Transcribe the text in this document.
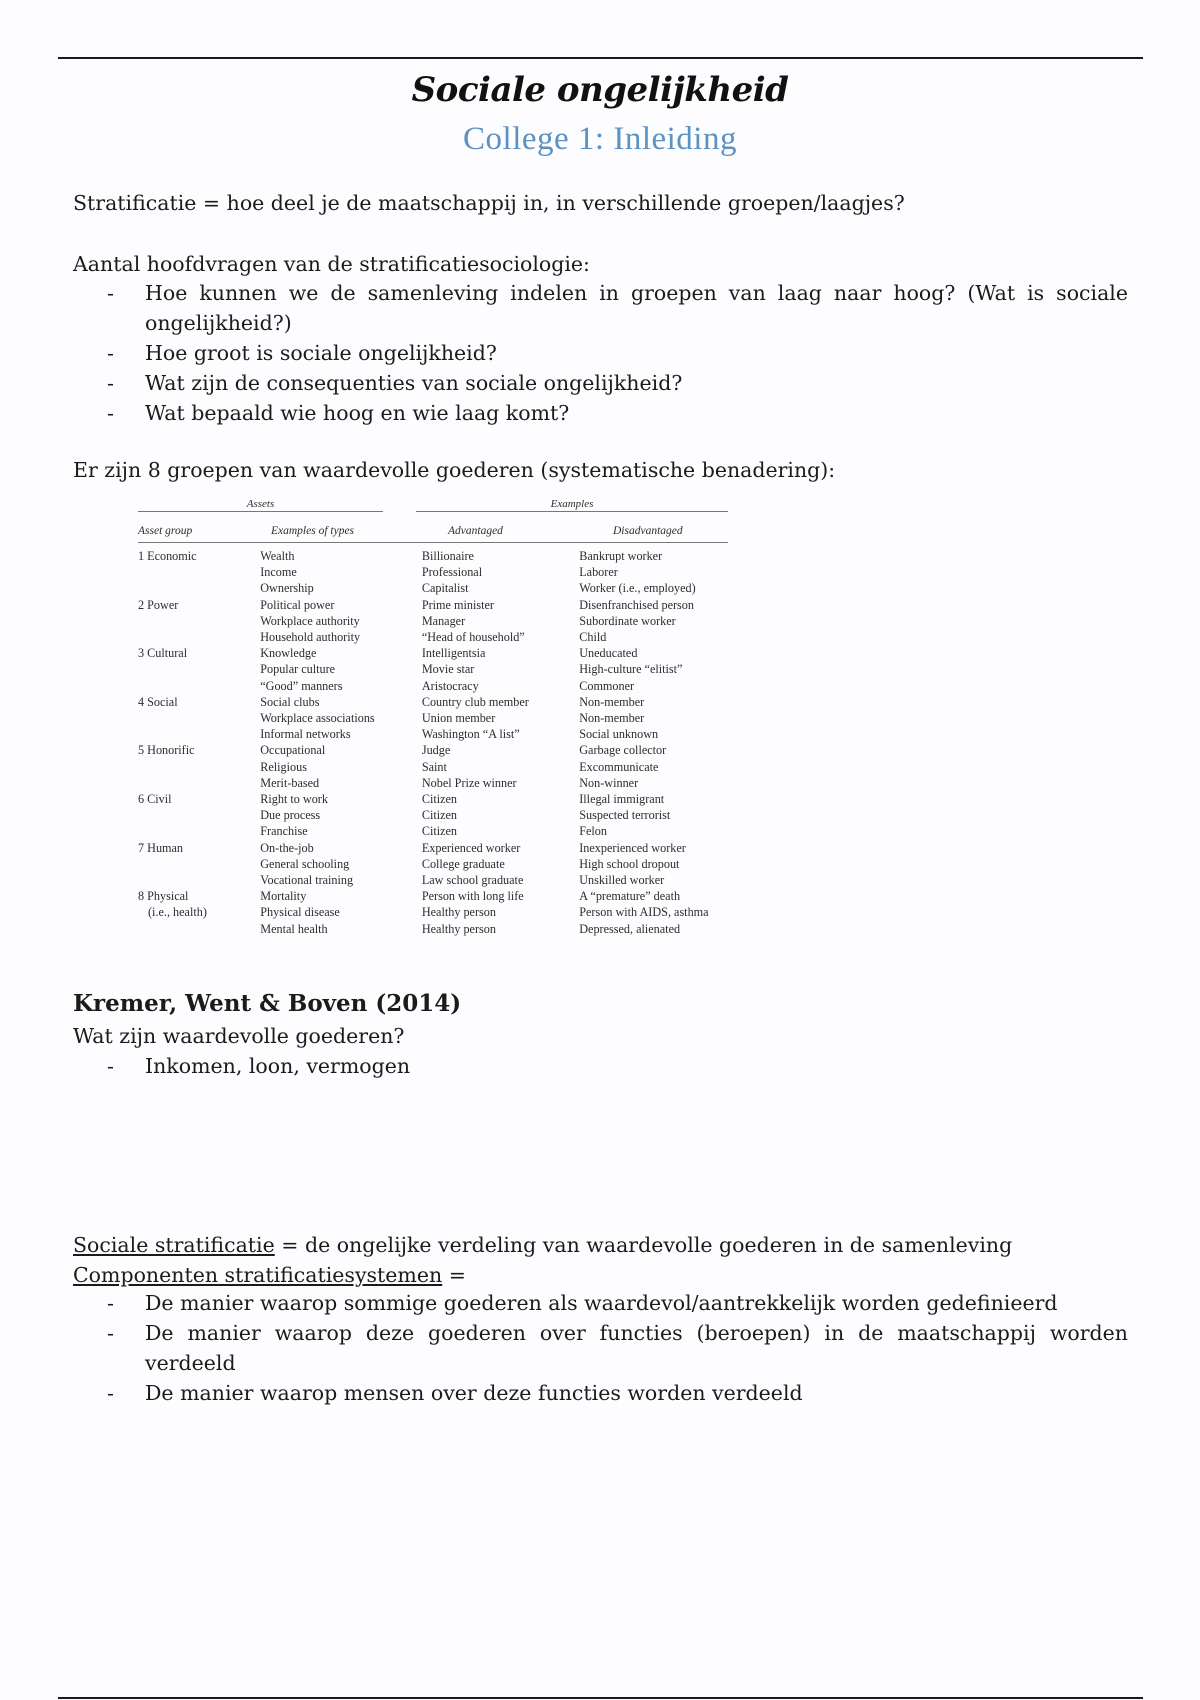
Sociale ongelijkheid
College 1: Inleiding
Stratificatie = hoe deel je de maatschappij in, in verschillende groepen/laagjes?
Aantal hoofdvragen van de stratificatiesociologie:
- Hoe kunnen we de samenleving indelen in groepen van laag naar hoog? (Wat is sociale ongelijkheid?)
- Hoe groot is sociale ongelijkheid?
- Wat zijn de consequenties van sociale ongelijkheid?
- Wat bepaald wie hoog en wie laag komt?
Er zijn 8 groepen van waardevolle goederen (systematische benadering):
Assets	Examples
Asset group	Examples of types	Advantaged	Disadvantaged
1 Economic	Wealth	Billionaire	Bankrupt worker
	Income	Professional	Laborer
	Ownership	Capitalist	Worker (i.e., employed)
2 Power	Political power	Prime minister	Disenfranchised person
	Workplace authority	Manager	Subordinate worker
	Household authority	“Head of household”	Child
3 Cultural	Knowledge	Intelligentsia	Uneducated
	Popular culture	Movie star	High-culture “elitist”
	“Good” manners	Aristocracy	Commoner
4 Social	Social clubs	Country club member	Non-member
	Workplace associations	Union member	Non-member
	Informal networks	Washington “A list”	Social unknown
5 Honorific	Occupational	Judge	Garbage collector
	Religious	Saint	Excommunicate
	Merit-based	Nobel Prize winner	Non-winner
6 Civil	Right to work	Citizen	Illegal immigrant
	Due process	Citizen	Suspected terrorist
	Franchise	Citizen	Felon
7 Human	On-the-job	Experienced worker	Inexperienced worker
	General schooling	College graduate	High school dropout
	Vocational training	Law school graduate	Unskilled worker
8 Physical	Mortality	Person with long life	A “premature” death
(i.e., health)	Physical disease	Healthy person	Person with AIDS, asthma
	Mental health	Healthy person	Depressed, alienated
Kremer, Went & Boven (2014)
Wat zijn waardevolle goederen?
- Inkomen, loon, vermogen
Sociale stratificatie = de ongelijke verdeling van waardevolle goederen in de samenleving
Componenten stratificatiesystemen =
- De manier waarop sommige goederen als waardevol/aantrekkelijk worden gedefinieerd
- De manier waarop deze goederen over functies (beroepen) in de maatschappij worden verdeeld
- De manier waarop mensen over deze functies worden verdeeld
